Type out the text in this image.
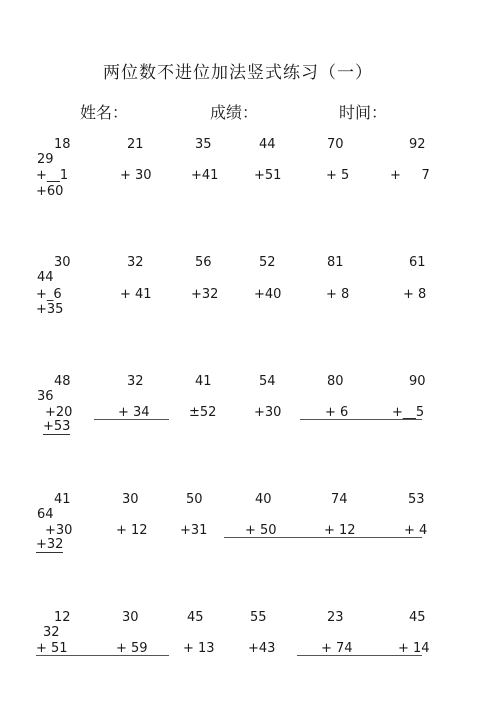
两位数不进位加法竖式练习（一）
姓名：	成绩：	时间：
18	21	35	44	70	92
29
+__1	+ 30	+41	+51	+ 5	+     7
+60
30	32	56	52	81	61
44
+_6	+ 41	+32	+40	+ 8	+ 8
+35
48	32	41	54	80	90
36
+20	+ 34	±52	+30	+ 6	+__5
+53
41	30	50	40	74	53
64
+30	+ 12 +31	+ 50	+ 12	+ 4
+32
12	30	45	55	23	45
32
+ 51	+ 59	+ 13	+43	+ 74	+ 14
